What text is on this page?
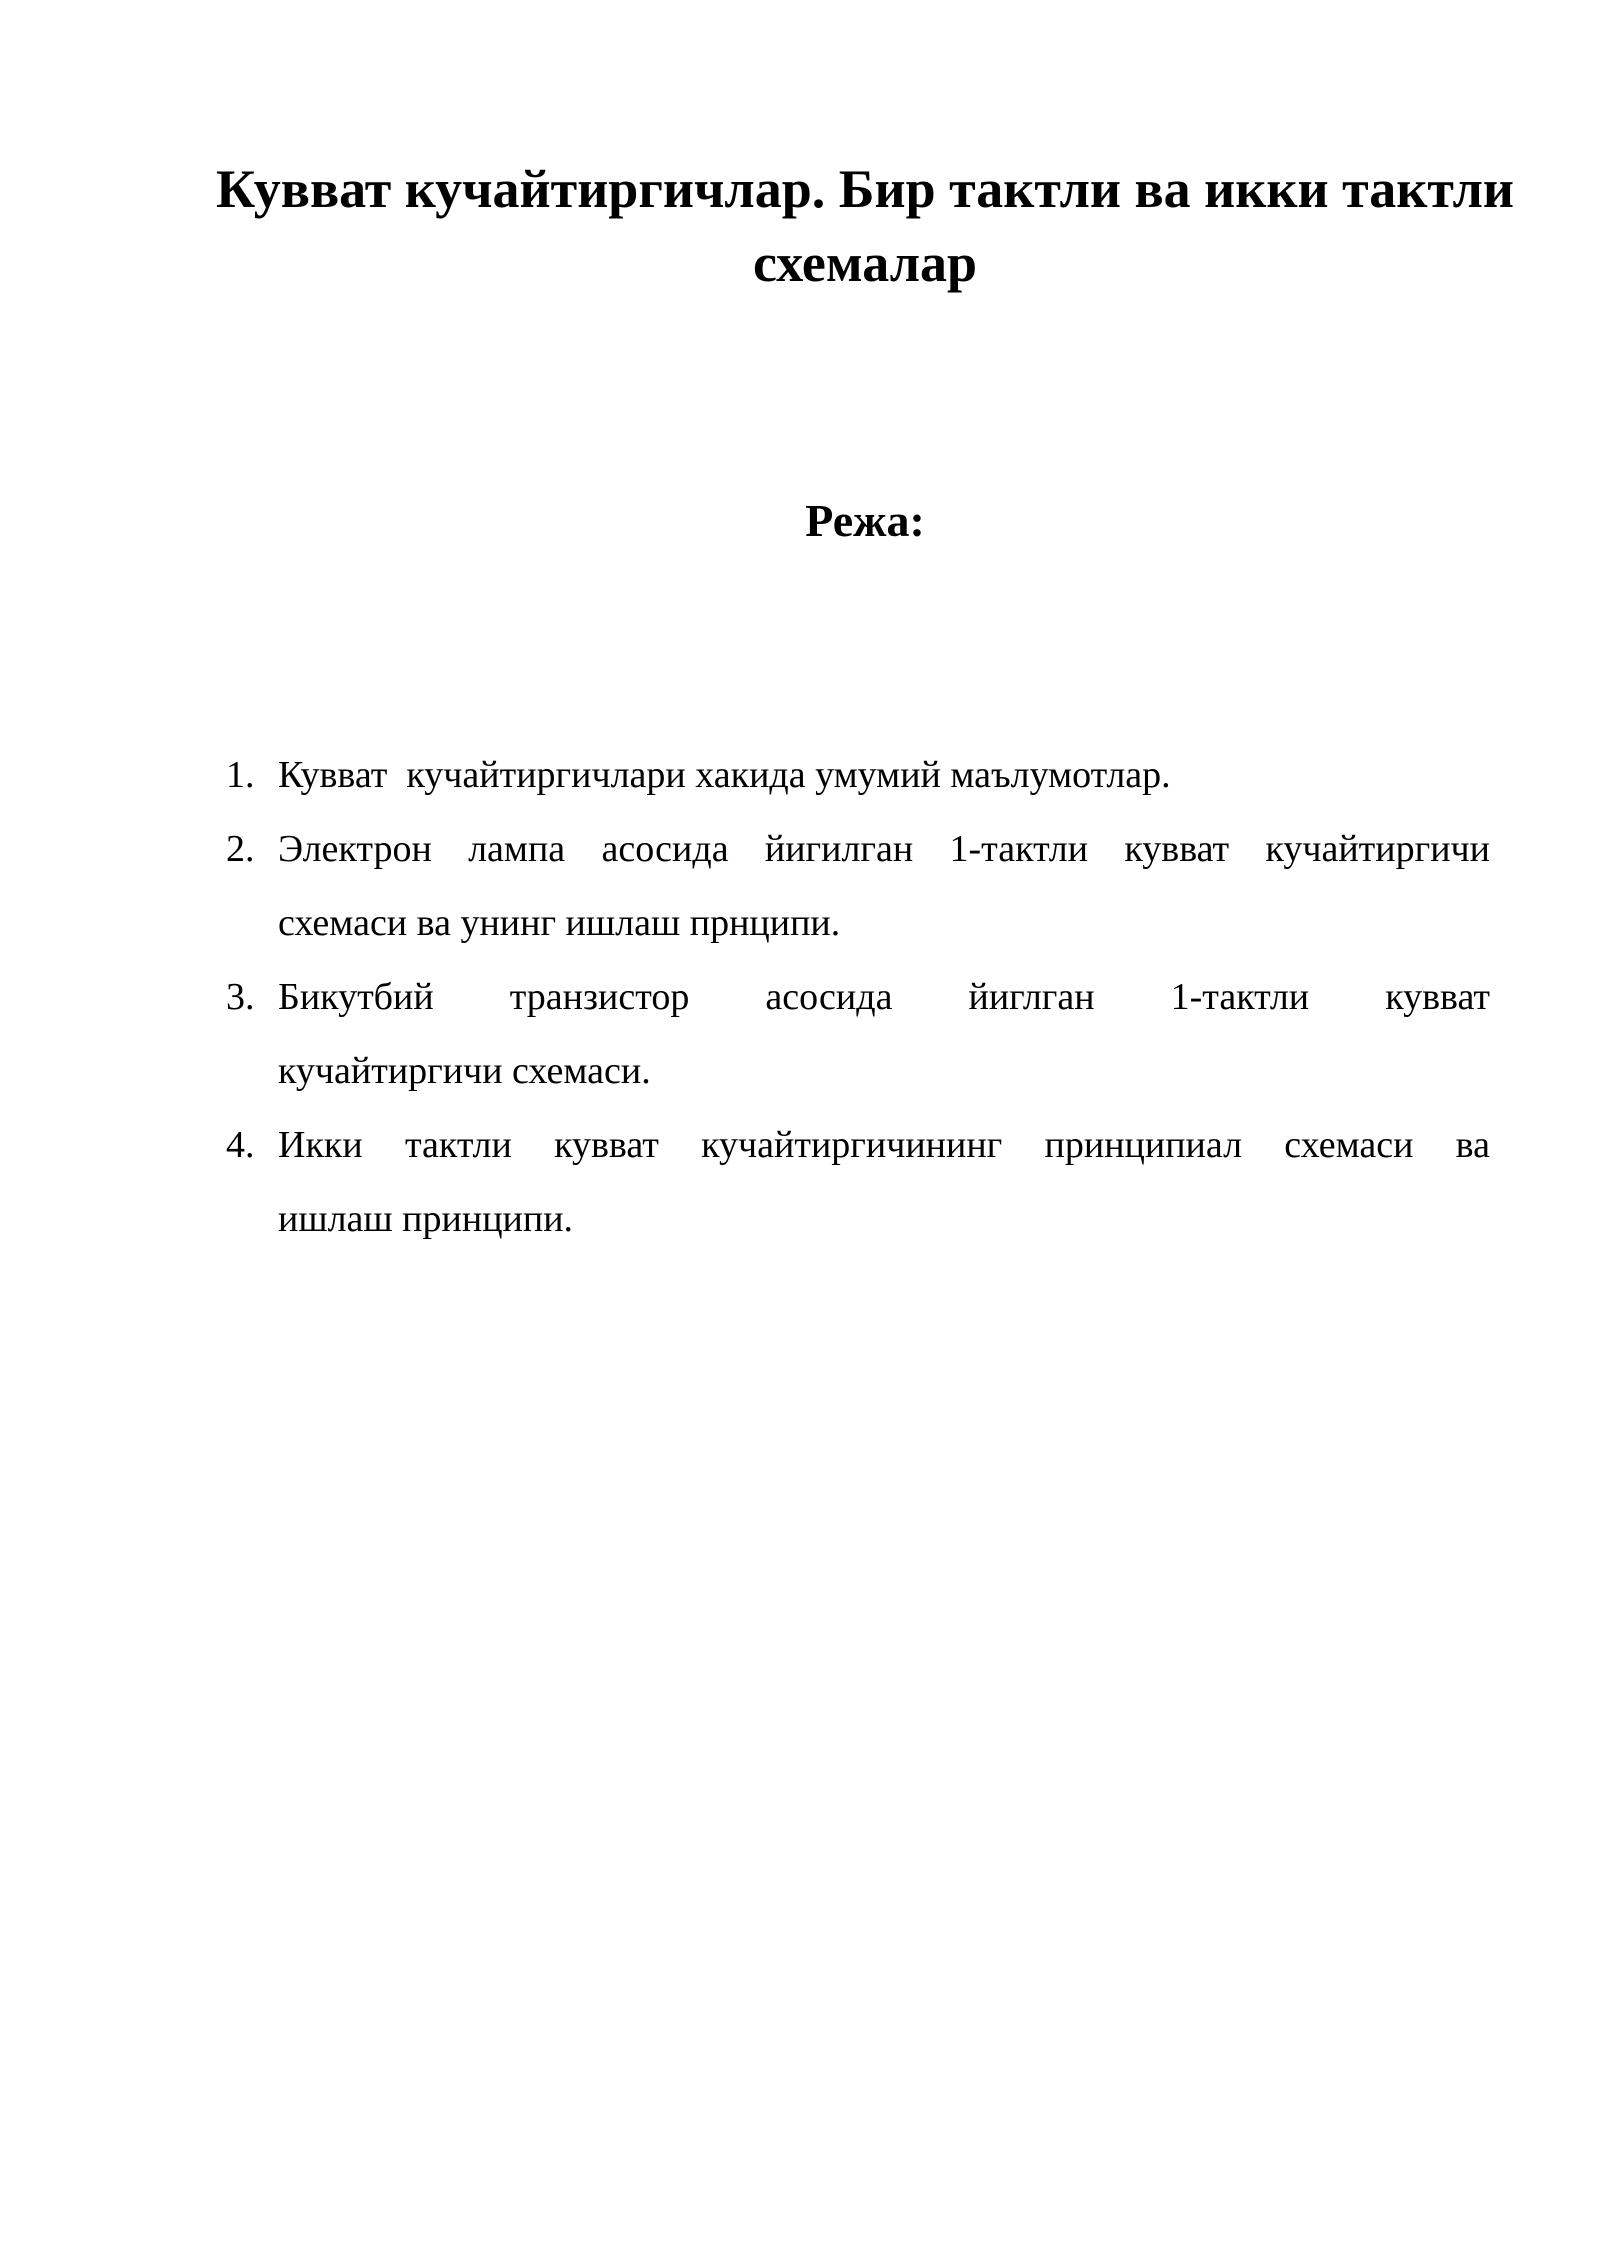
Кувват кучайтиргичлар. Бир тактли ва икки тактли схемалар
Режа:
1. Кувват  кучайтиргичлари хакида умумий маълумотлар.
2. Электрон лампа асосида йигилган 1-тактли кувват кучайтиргичи
схемаси ва унинг ишлаш прнципи.
3. Бикутбий транзистор асосида йиглган 1-тактли кувват
кучайтиргичи схемаси.
4. Икки тактли кувват кучайтиргичининг принципиал схемаси ва
ишлаш принципи.
